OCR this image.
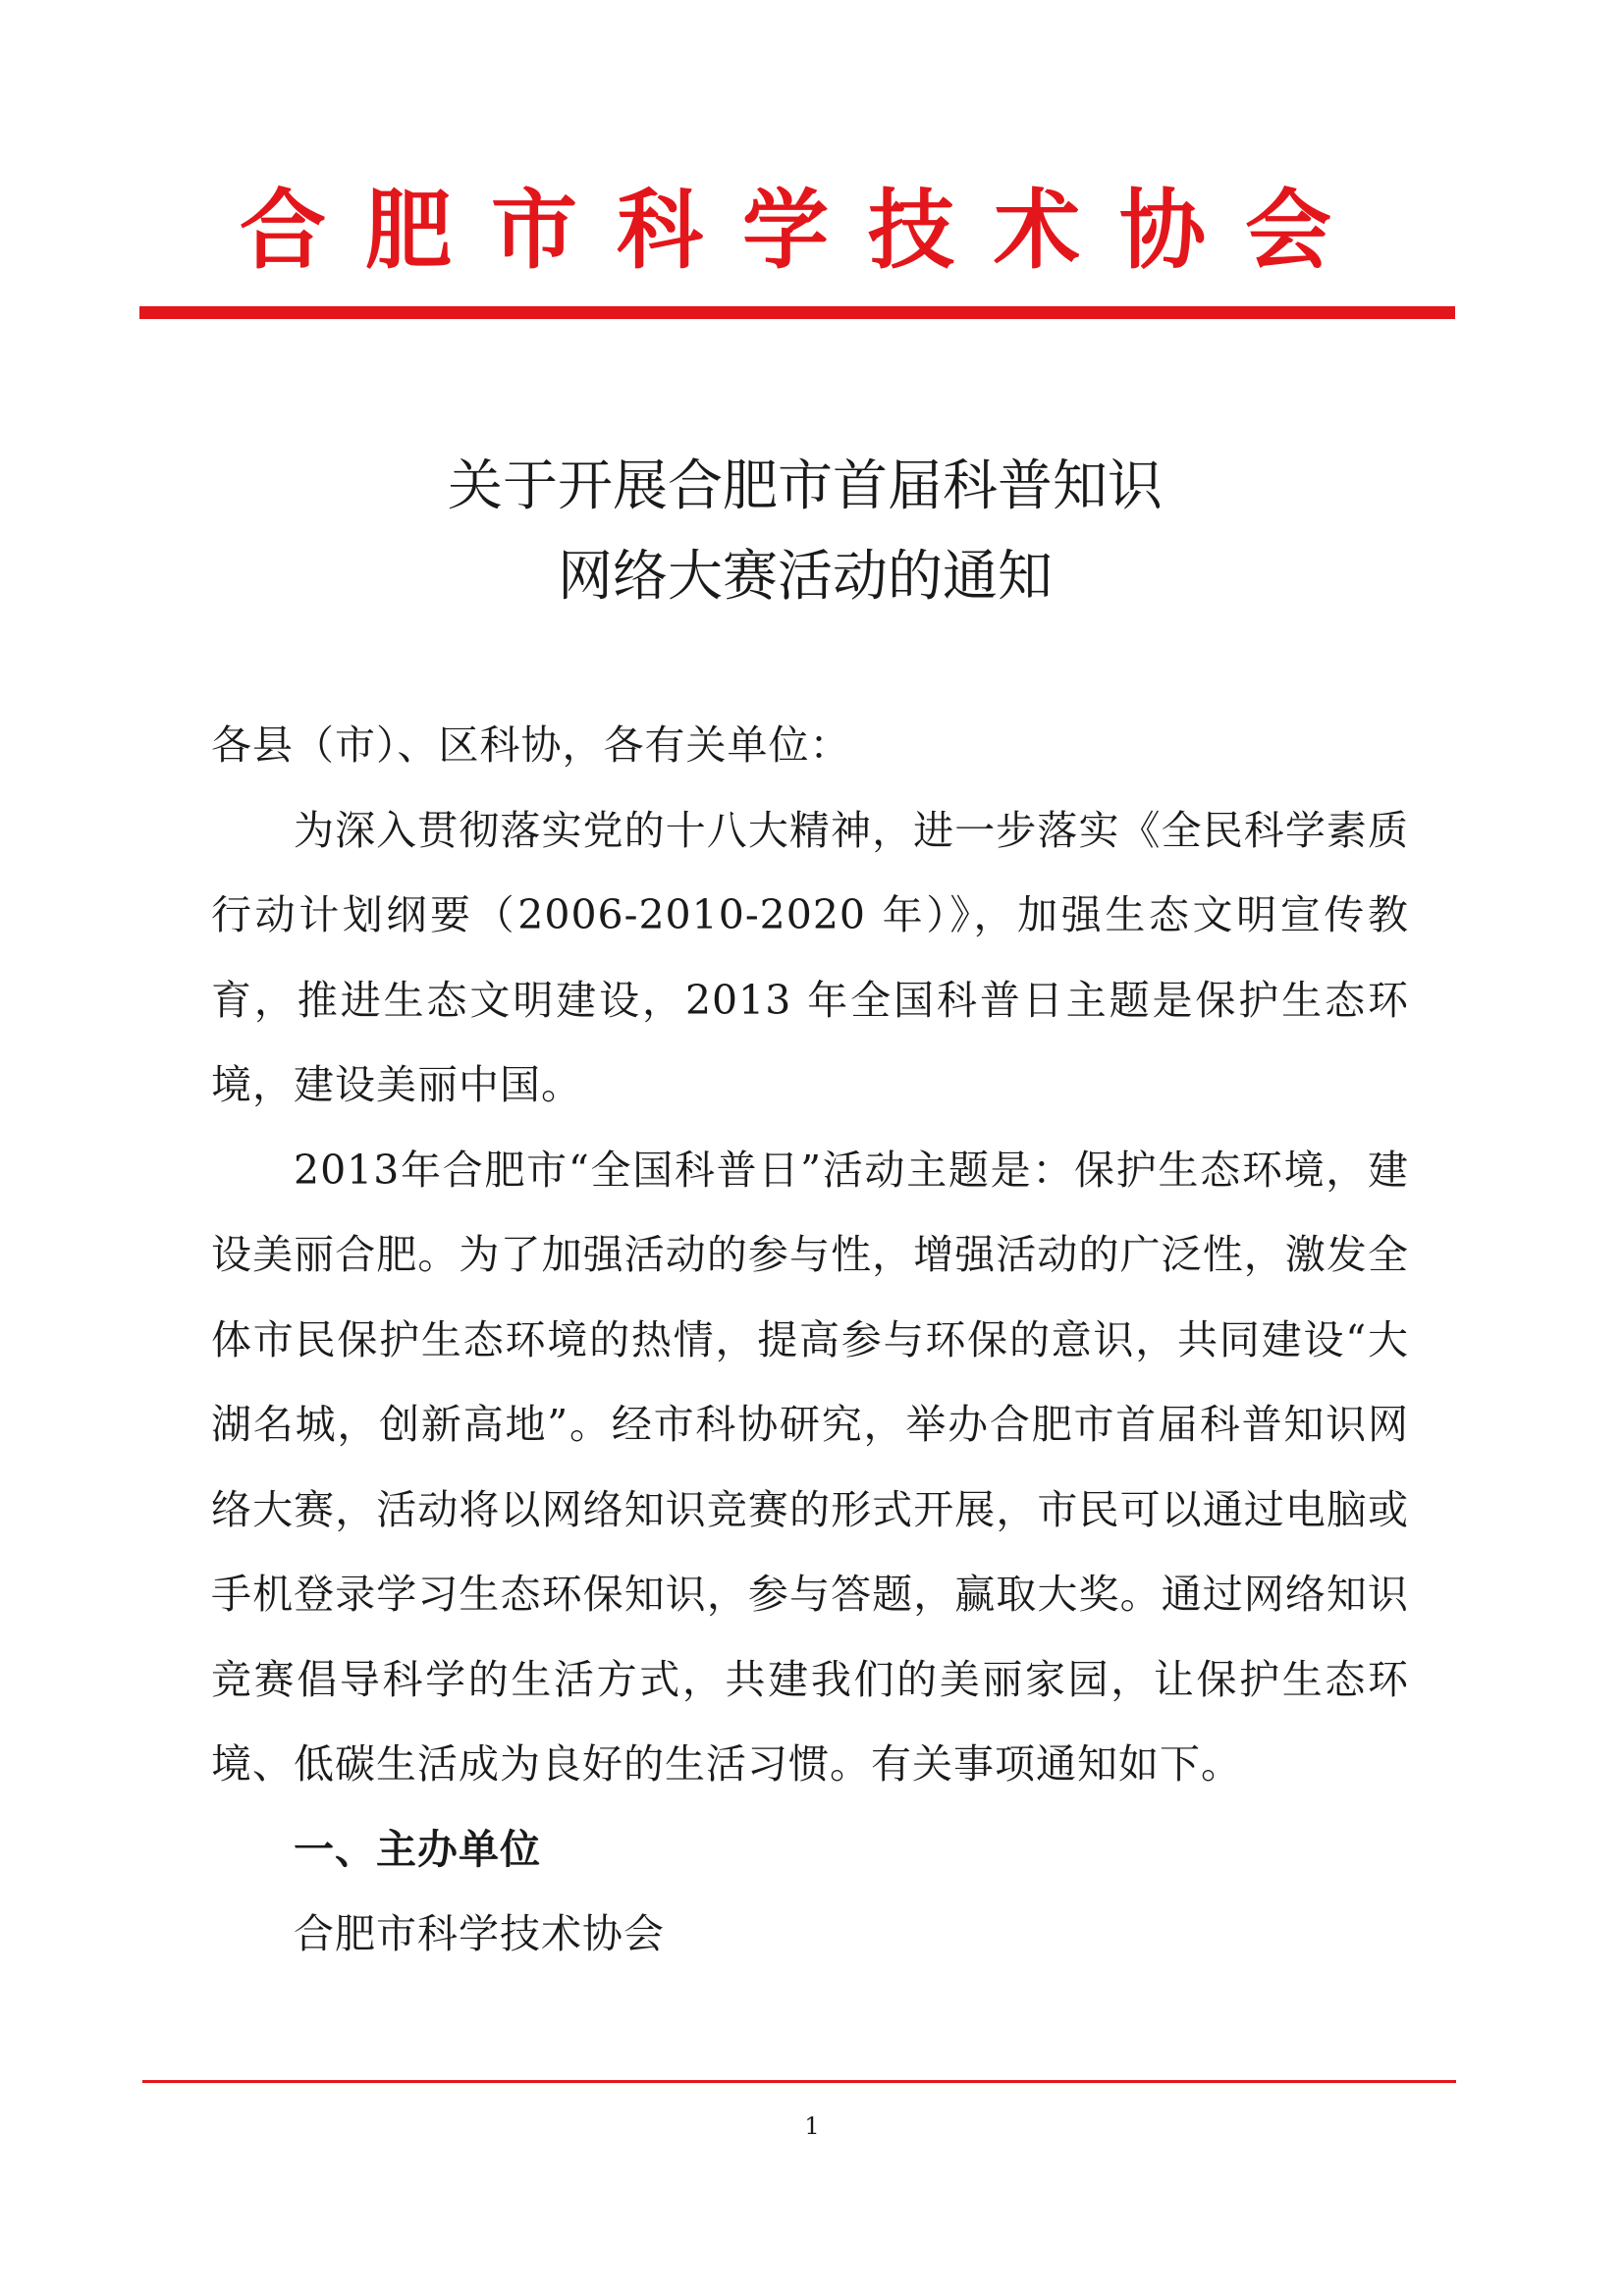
合肥市科学技术协会
关于开展合肥市首届科普知识
网络大赛活动的通知

各县（市）、区科协，各有关单位：

为深入贯彻落实党的十八大精神，进一步落实《全民科学素质行动计划纲要（2006-2010-2020 年）》，加强生态文明宣传教育，推进生态文明建设，2013 年全国科普日主题是保护生态环境，建设美丽中国。

2013年合肥市“全国科普日”活动主题是：保护生态环境，建设美丽合肥。为了加强活动的参与性，增强活动的广泛性，激发全体市民保护生态环境的热情，提高参与环保的意识，共同建设“大湖名城，创新高地”。经市科协研究，举办合肥市首届科普知识网络大赛，活动将以网络知识竞赛的形式开展，市民可以通过电脑或手机登录学习生态环保知识，参与答题，赢取大奖。通过网络知识竞赛倡导科学的生活方式，共建我们的美丽家园，让保护生态环境、低碳生活成为良好的生活习惯。有关事项通知如下。

一、主办单位

合肥市科学技术协会

1
